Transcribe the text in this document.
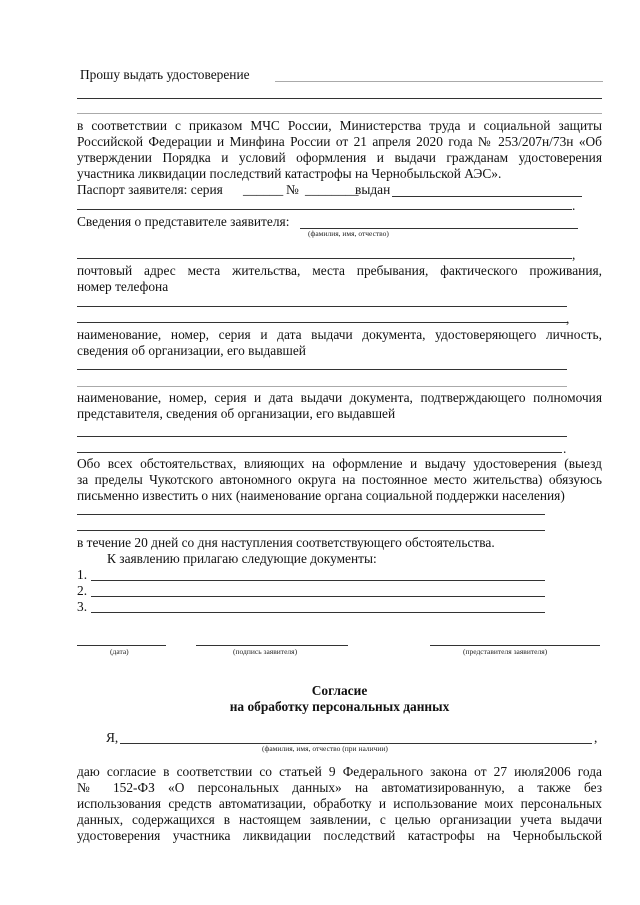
Прошу выдать удостоверение
в соответствии с приказом МЧС России, Министерства труда и социальной защиты
Российской Федерации и Минфина России от 21 апреля 2020 года № 253/207н/73н «Об
утверждении Порядка и условий оформления и выдачи гражданам удостоверения
участника ликвидации последствий катастрофы на Чернобыльской АЭС».
Паспорт заявителя: серия ______ № ________
выдан
.
Сведения о представителе заявителя:
(фамилия, имя, отчество)
,
почтовый адрес места жительства, места пребывания, фактического проживания,
номер телефона
,
наименование, номер, серия и дата выдачи документа, удостоверяющего личность,
сведения об организации, его выдавшей
наименование, номер, серия и дата выдачи документа, подтверждающего полномочия
представителя, сведения об организации, его выдавшей
.
Обо всех обстоятельствах, влияющих на оформление и выдачу удостоверения (выезд
за пределы Чукотского автономного округа на постоянное место жительства) обязуюсь
письменно известить о них (наименование органа социальной поддержки населения)
в течение 20 дней со дня наступления соответствующего обстоятельства.
К заявлению прилагаю следующие документы:
1.
2.
3.
(дата)	(подпись заявителя)	(представителя заявителя)
Согласие
на обработку персональных данных
Я,	,
(фамилия, имя, отчество (при наличии)
даю согласие в соответствии со статьей 9 Федерального закона от 27 июля2006 года
№ 152-ФЗ «О персональных данных» на автоматизированную, а также без
использования средств автоматизации, обработку и использование моих персональных
данных, содержащихся в настоящем заявлении, с целью организации учета выдачи
удостоверения участника ликвидации последствий катастрофы на Чернобыльской
